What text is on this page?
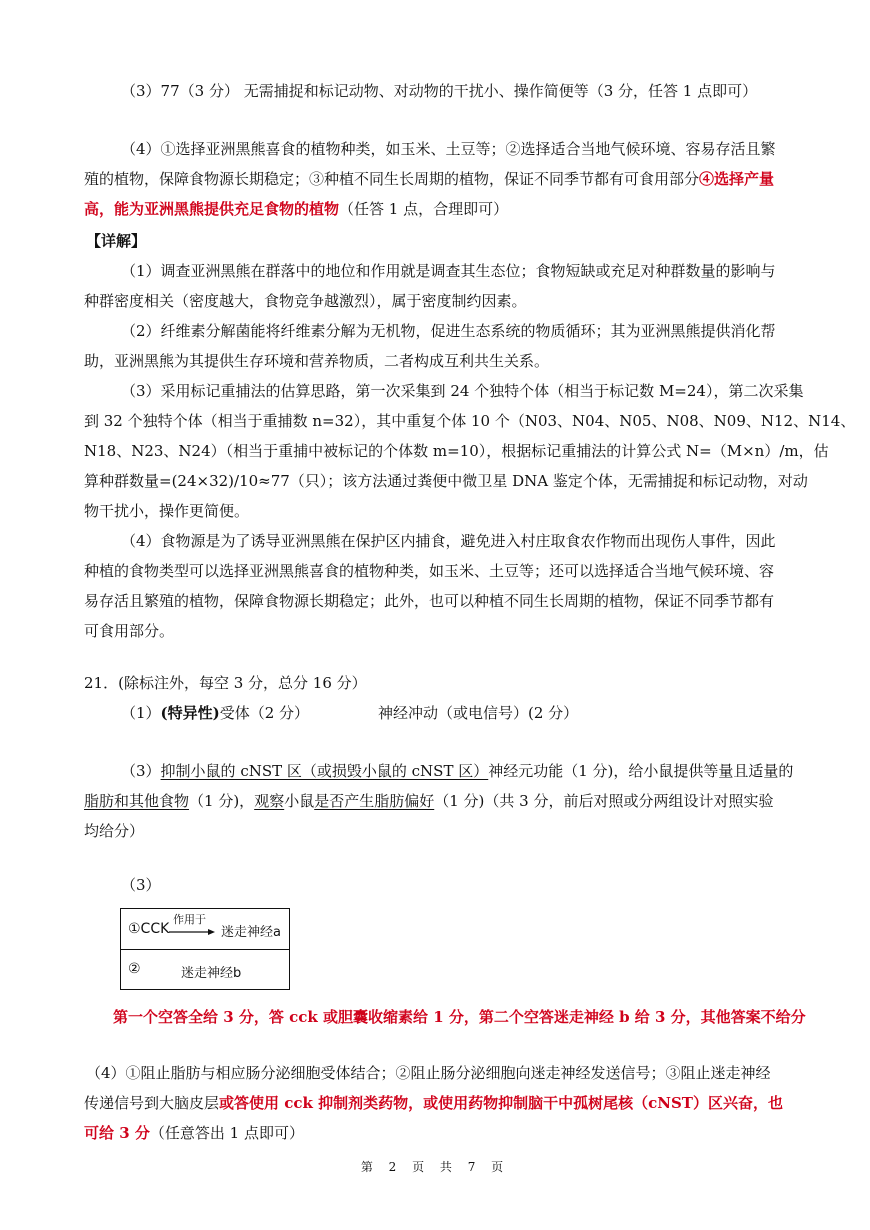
（3）77（3 分） 无需捕捉和标记动物、对动物的干扰小、操作简便等（3 分，任答 1 点即可）
（4）①选择亚洲黑熊喜食的植物种类，如玉米、土豆等；②选择适合当地气候环境、容易存活且繁
殖的植物，保障食物源长期稳定；③种植不同生长周期的植物，保证不同季节都有可食用部分④选择产量
高，能为亚洲黑熊提供充足食物的植物（任答 1 点，合理即可）
【详解】
（1）调查亚洲黑熊在群落中的地位和作用就是调查其生态位；食物短缺或充足对种群数量的影响与
种群密度相关（密度越大，食物竞争越激烈），属于密度制约因素。
（2）纤维素分解菌能将纤维素分解为无机物，促进生态系统的物质循环；其为亚洲黑熊提供消化帮
助，亚洲黑熊为其提供生存环境和营养物质，二者构成互利共生关系。
（3）采用标记重捕法的估算思路，第一次采集到 24 个独特个体（相当于标记数 M=24），第二次采集
到 32 个独特个体（相当于重捕数 n=32），其中重复个体 10 个（N03、N04、N05、N08、N09、N12、N14、
N18、N23、N24）（相当于重捕中被标记的个体数 m=10），根据标记重捕法的计算公式 N=（M×n）/m，估
算种群数量=(24×32)/10≈77（只）；该方法通过粪便中微卫星 DNA 鉴定个体，无需捕捉和标记动物，对动
物干扰小，操作更简便。
（4）食物源是为了诱导亚洲黑熊在保护区内捕食，避免进入村庄取食农作物而出现伤人事件，因此
种植的食物类型可以选择亚洲黑熊喜食的植物种类，如玉米、土豆等；还可以选择适合当地气候环境、容
易存活且繁殖的植物，保障食物源长期稳定；此外，也可以种植不同生长周期的植物，保证不同季节都有
可食用部分。
21．(除标注外，每空 3 分，总分 16 分）
（1）(特异性)受体（2 分）	神经冲动（或电信号）(2 分）
（3）抑制小鼠的 cNST 区（或损毁小鼠的 cNST 区）神经元功能（1 分)，给小鼠提供等量且适量的
脂肪和其他食物（1 分)，观察小鼠是否产生脂肪偏好（1 分)（共 3 分，前后对照或分两组设计对照实验
均给分）
（3）
①CCK
作用于
迷走神经a
②	迷走神经b
第一个空答全给 3 分，答 cck 或胆囊收缩素给 1 分，第二个空答迷走神经 b 给 3 分，其他答案不给分
（4）①阻止脂肪与相应肠分泌细胞受体结合；②阻止肠分泌细胞向迷走神经发送信号；③阻止迷走神经
传递信号到大脑皮层或答使用 cck 抑制剂类药物，或使用药物抑制脑干中孤树尾核（cNST）区兴奋，也
可给 3 分（任意答出 1 点即可）
第 2 页 共 7 页
